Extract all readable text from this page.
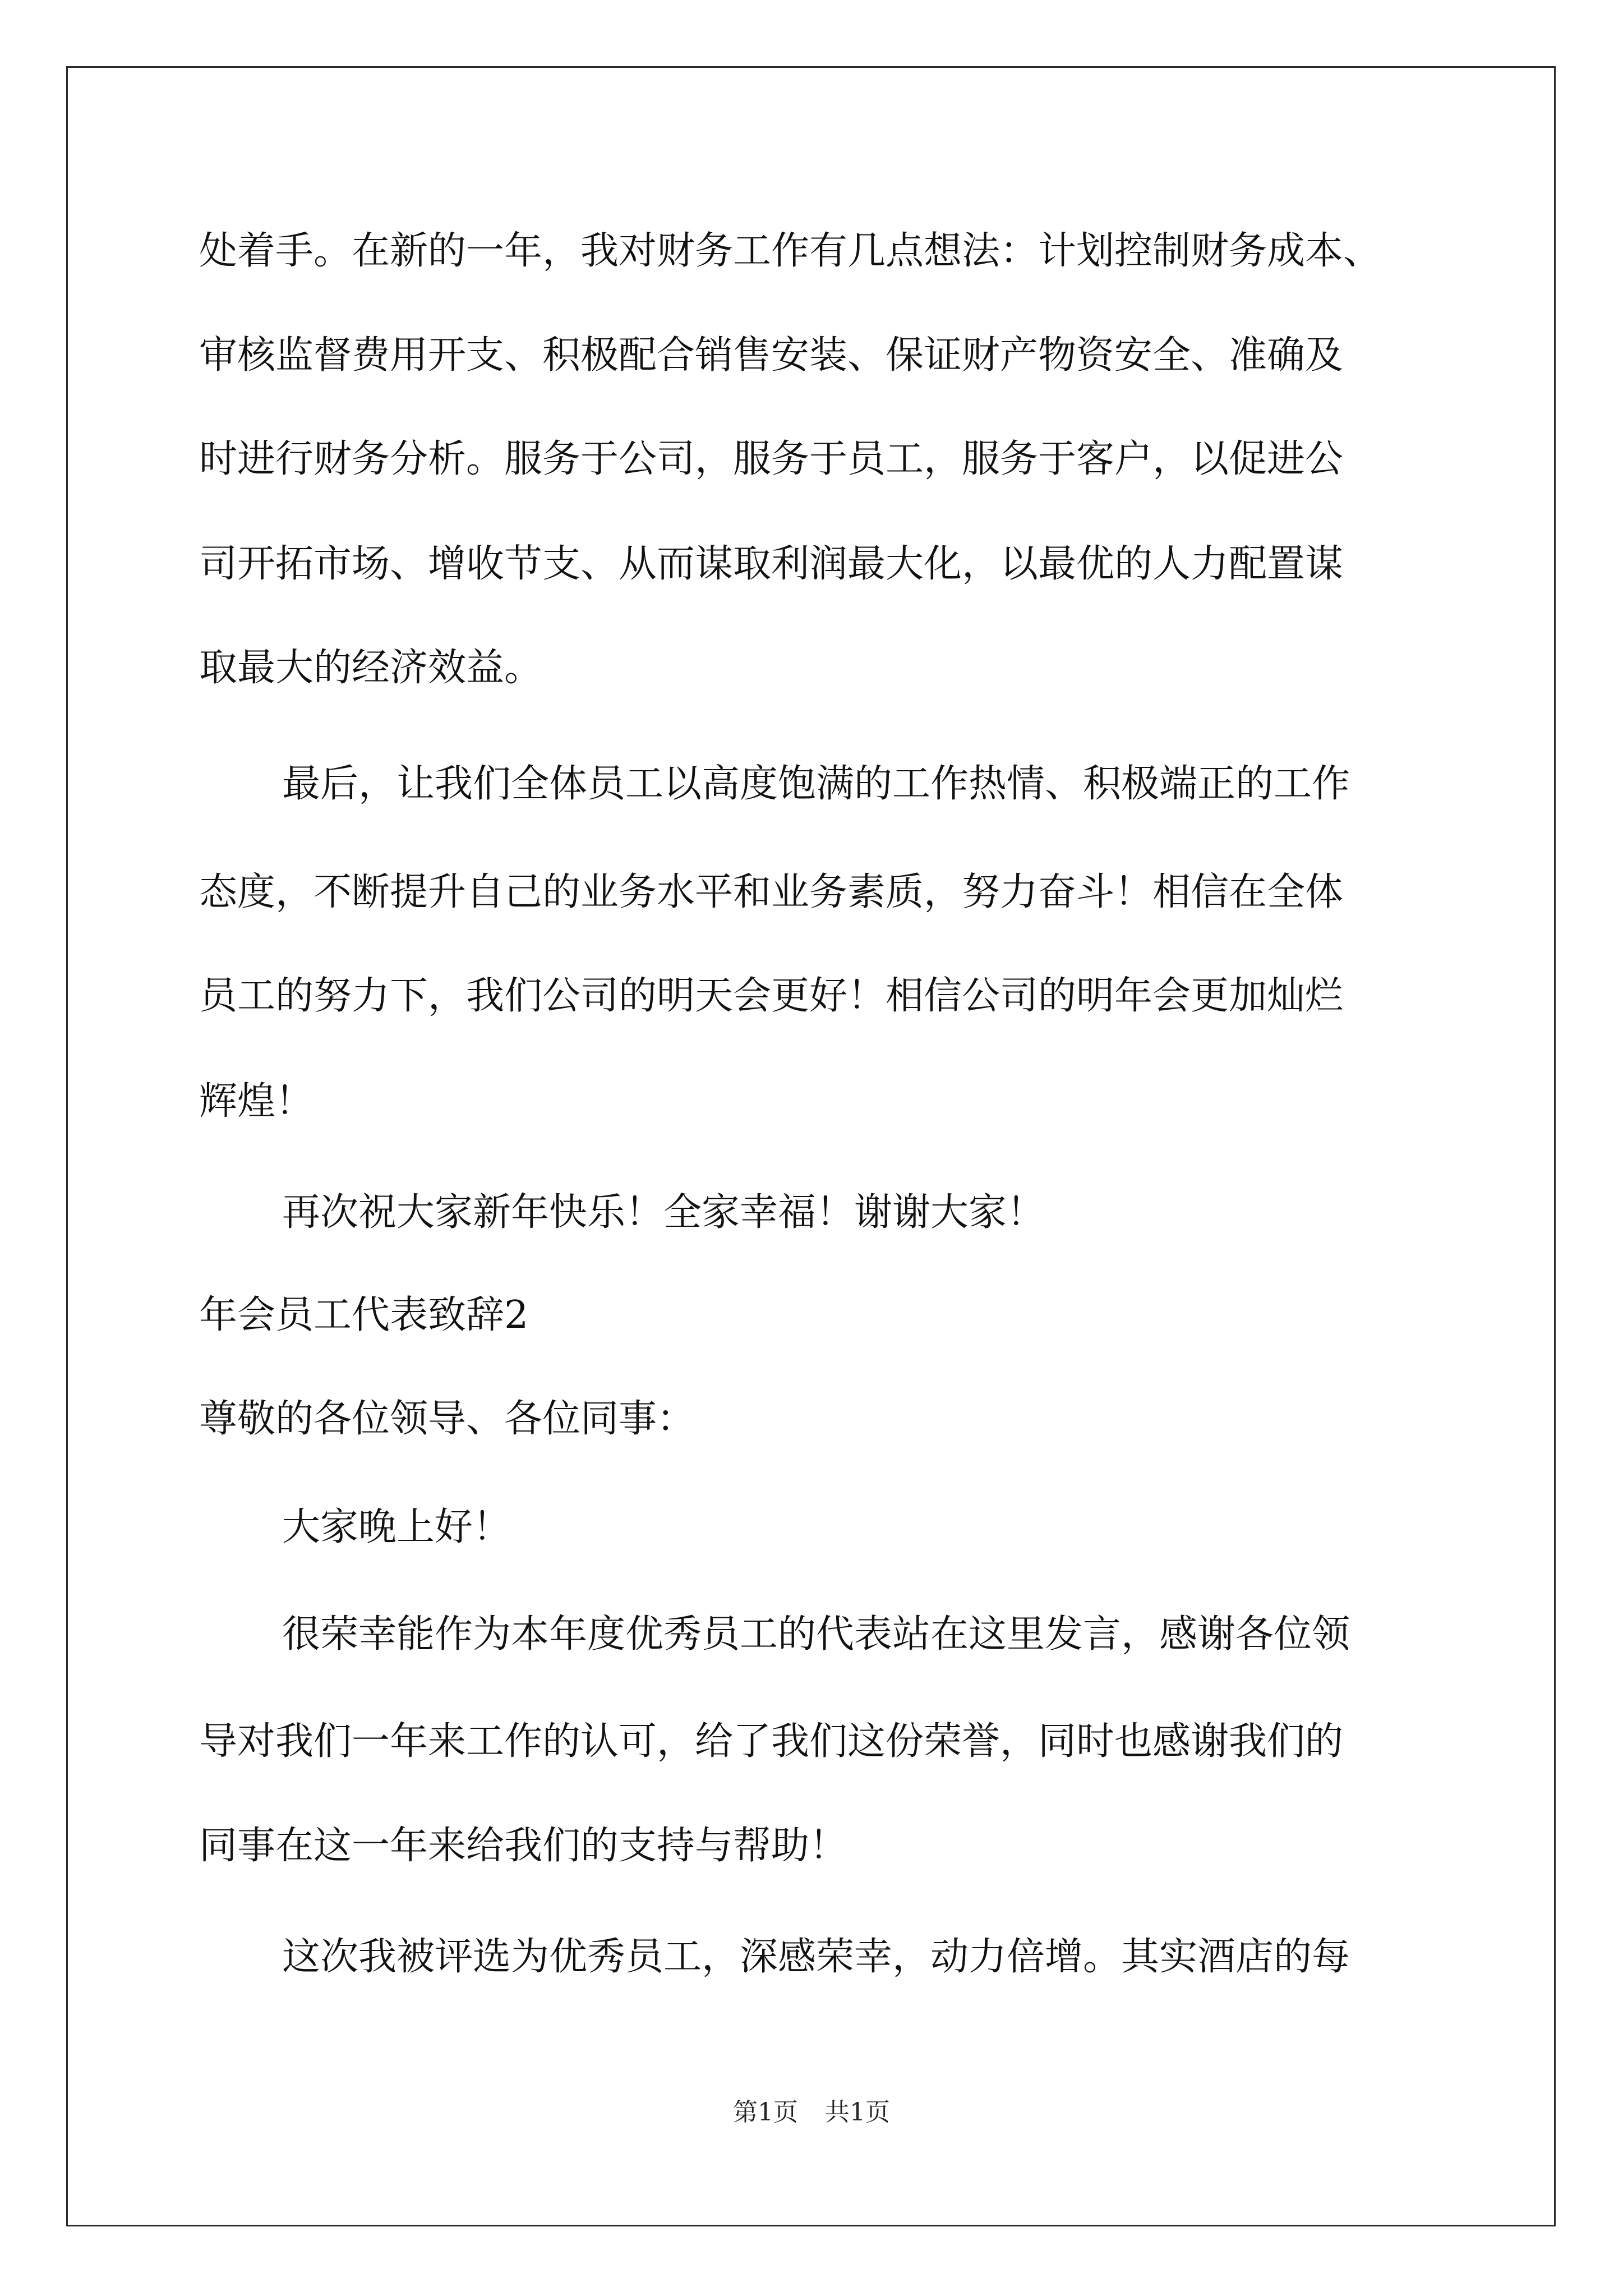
处着手。在新的一年，我对财务工作有几点想法：计划控制财务成本、

审核监督费用开支、积极配合销售安装、保证财产物资安全、准确及

时进行财务分析。服务于公司，服务于员工，服务于客户，以促进公

司开拓市场、增收节支、从而谋取利润最大化，以最优的人力配置谋

取最大的经济效益。

最后，让我们全体员工以高度饱满的工作热情、积极端正的工作

态度，不断提升自己的业务水平和业务素质，努力奋斗！相信在全体

员工的努力下，我们公司的明天会更好！相信公司的明年会更加灿烂

辉煌！

再次祝大家新年快乐！全家幸福！谢谢大家！

年会员工代表致辞2

尊敬的各位领导、各位同事：

大家晚上好！

很荣幸能作为本年度优秀员工的代表站在这里发言，感谢各位领

导对我们一年来工作的认可，给了我们这份荣誉，同时也感谢我们的

同事在这一年来给我们的支持与帮助！

这次我被评选为优秀员工，深感荣幸，动力倍增。其实酒店的每

第1页 共1页
